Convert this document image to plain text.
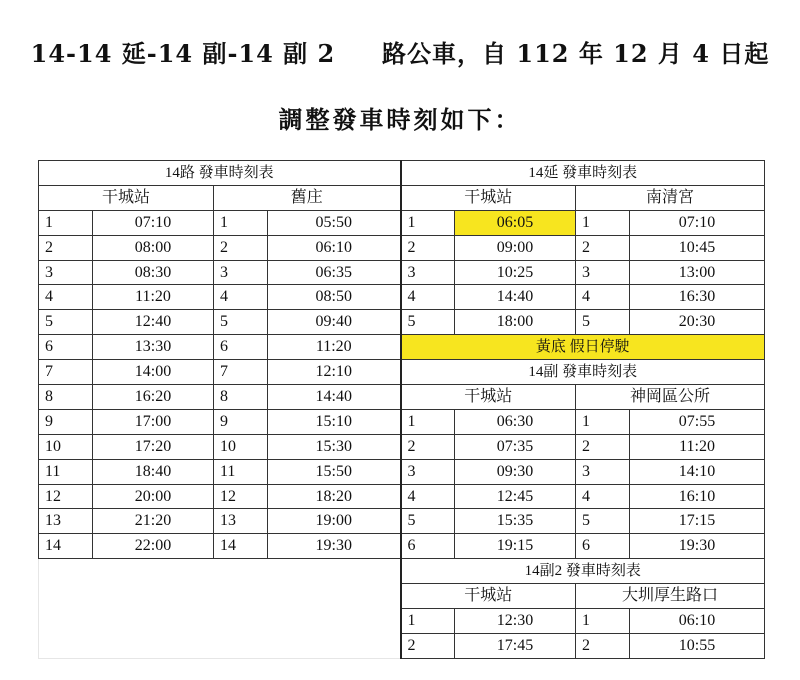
14-14 延-14 副-14 副 2     路公車，自 112 年 12 月 4 日起
調整發車時刻如下：
14路 發車時刻表				14延 發車時刻表			
干城站		舊庄		干城站		南清宮	
1	07:10	1	05:50	1	06:05	1	07:10
2	08:00	2	06:10	2	09:00	2	10:45
3	08:30	3	06:35	3	10:25	3	13:00
4	11:20	4	08:50	4	14:40	4	16:30
5	12:40	5	09:40	5	18:00	5	20:30
6	13:30	6	11:20	黃底 假日停駛			
7	14:00	7	12:10	14副 發車時刻表			
8	16:20	8	14:40	干城站		神岡區公所	
9	17:00	9	15:10	1	06:30	1	07:55
10	17:20	10	15:30	2	07:35	2	11:20
11	18:40	11	15:50	3	09:30	3	14:10
12	20:00	12	18:20	4	12:45	4	16:10
13	21:20	13	19:00	5	15:35	5	17:15
14	22:00	14	19:30	6	19:15	6	19:30
				14副2 發車時刻表			
				干城站		大圳厚生路口	
				1	12:30	1	06:10
				2	17:45	2	10:55
